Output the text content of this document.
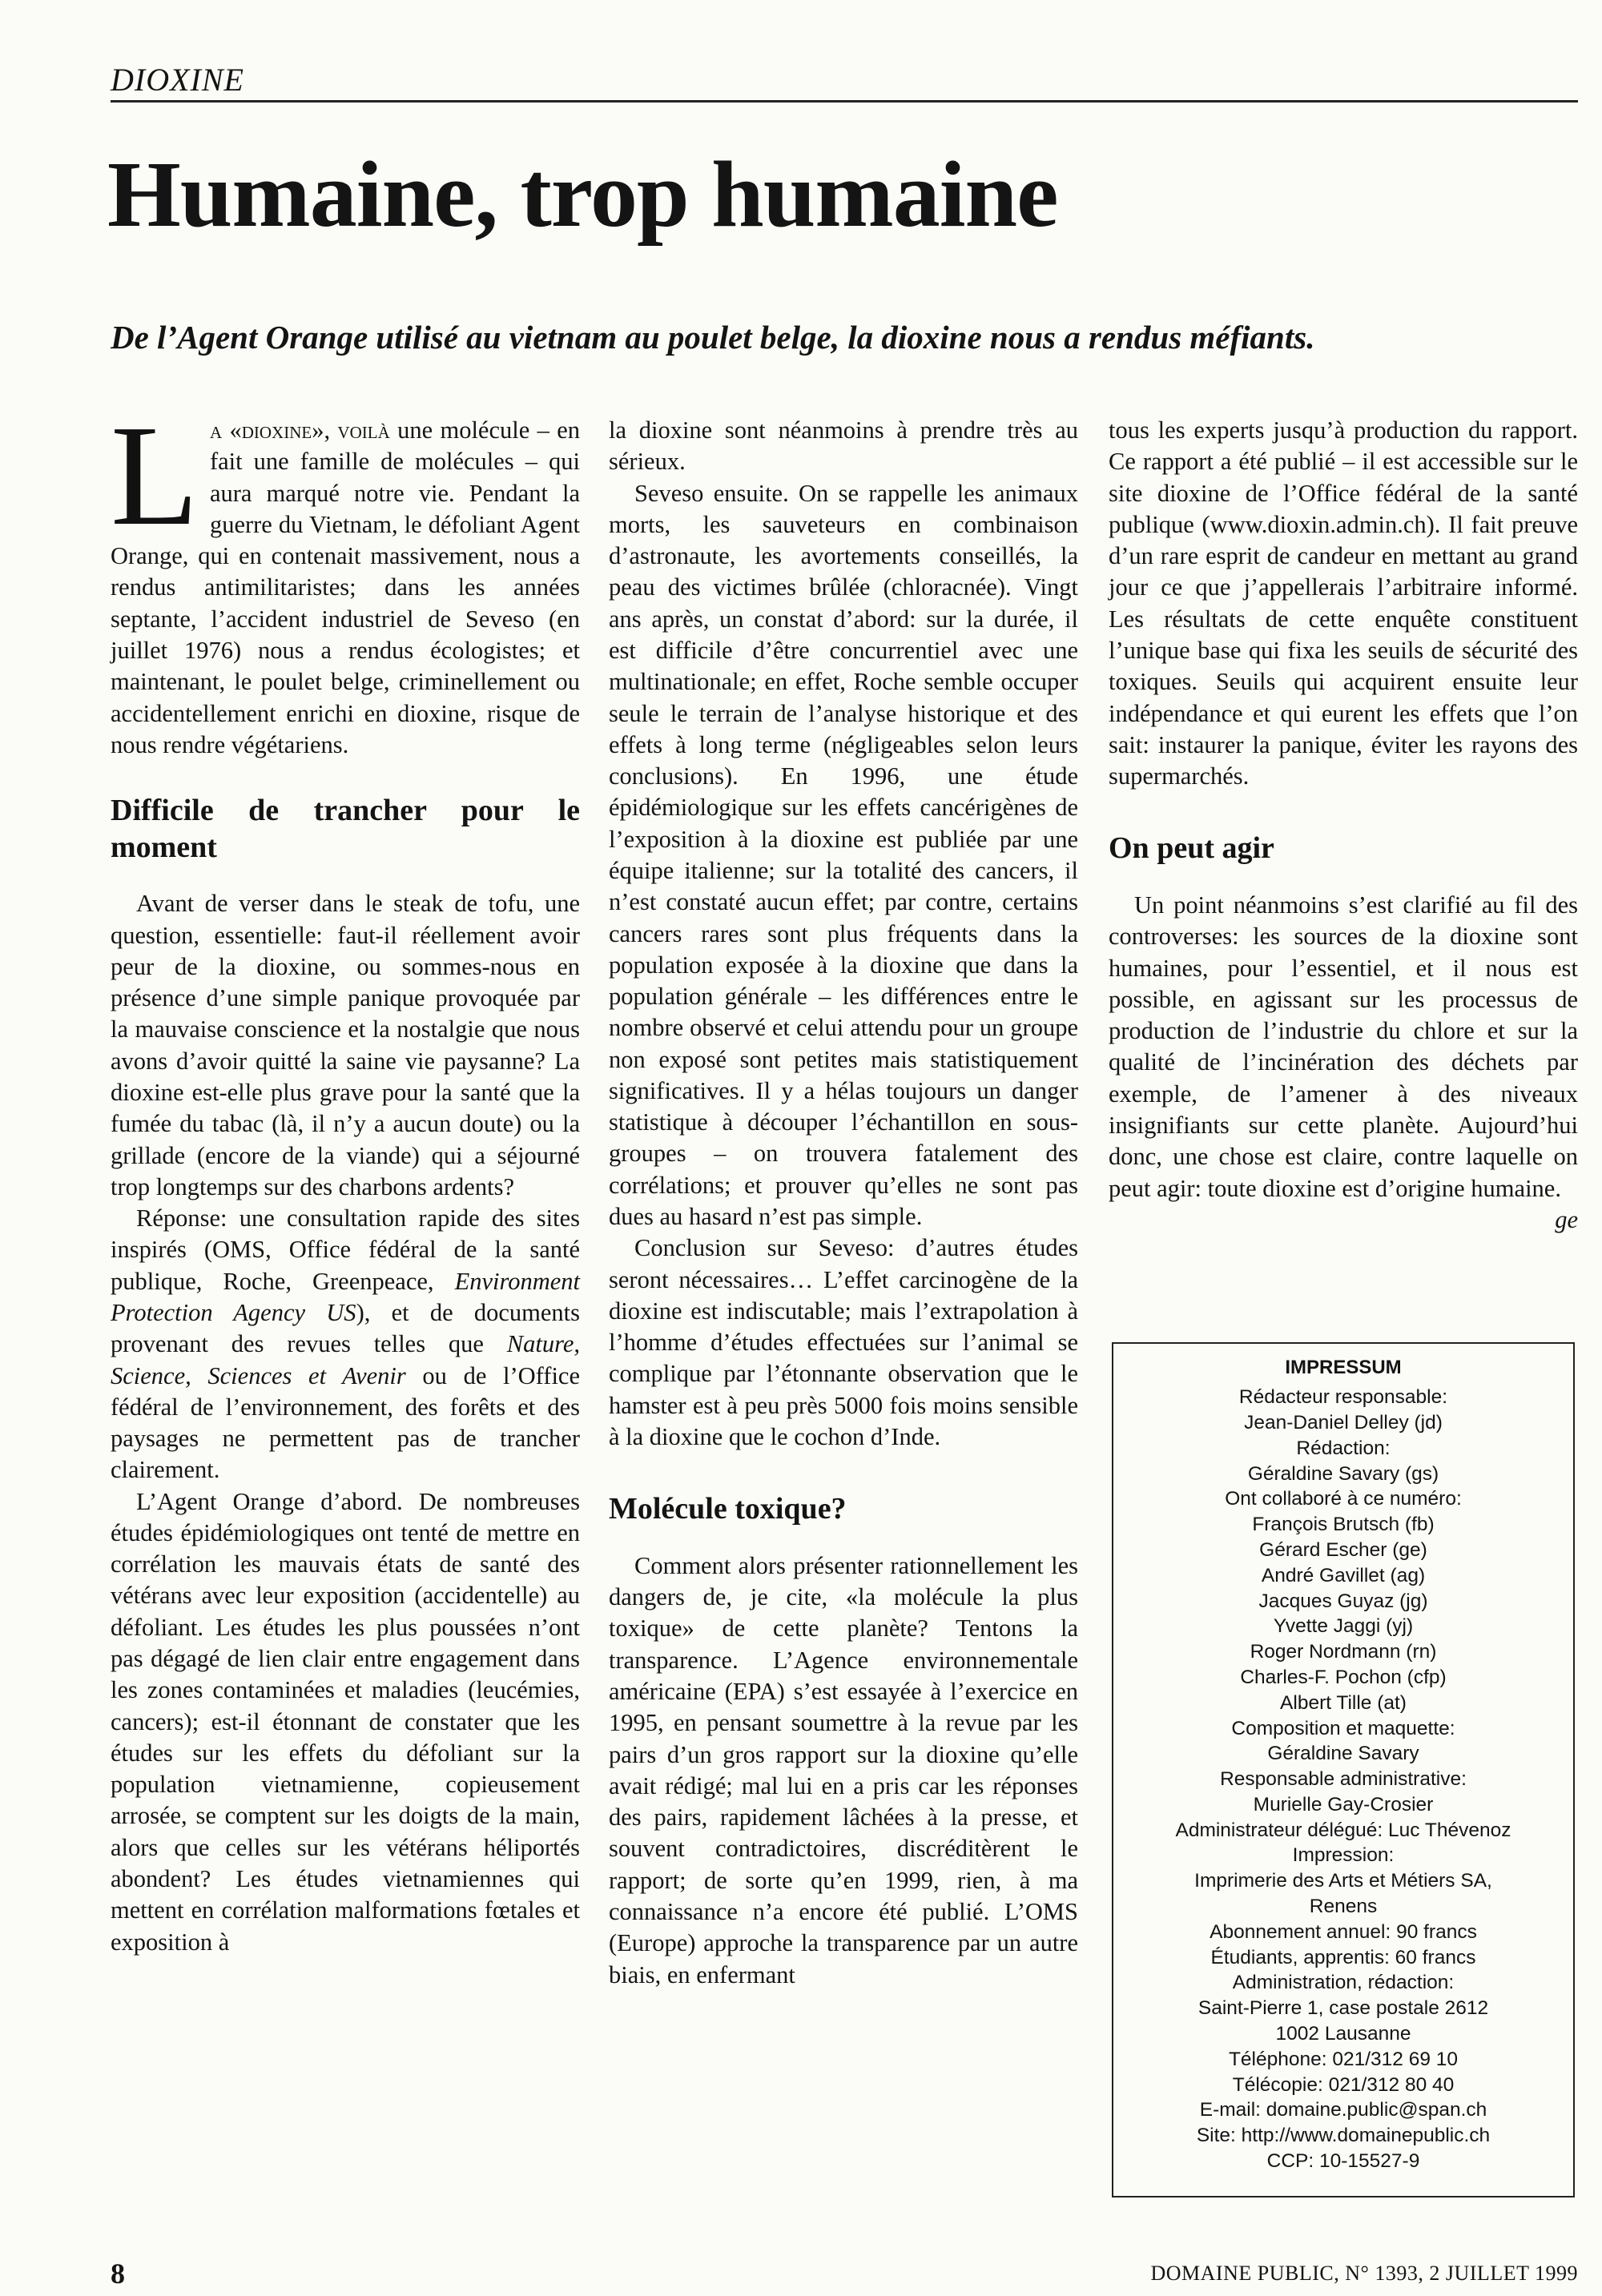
DIOXINE
Humaine, trop humaine
De l’Agent Orange utilisé au vietnam au poulet belge, la dioxine nous a rendus méfiants.

La «dioxine», voilà une molécule – en fait une famille de molécules – qui aura marqué notre vie. Pendant la guerre du Vietnam, le défoliant Agent Orange, qui en contenait massivement, nous a rendus antimilitaristes; dans les années septante, l’accident industriel de Seveso (en juillet 1976) nous a rendus écologistes; et maintenant, le poulet belge, criminellement ou accidentellement enrichi en dioxine, risque de nous rendre végétariens.

Difficile de trancher pour le moment

Avant de verser dans le steak de tofu, une question, essentielle: faut-il réellement avoir peur de la dioxine, ou sommes-nous en présence d’une simple panique provoquée par la mauvaise conscience et la nostalgie que nous avons d’avoir quitté la saine vie paysanne? La dioxine est-elle plus grave pour la santé que la fumée du tabac (là, il n’y a aucun doute) ou la grillade (encore de la viande) qui a séjourné trop longtemps sur des charbons ardents?

Réponse: une consultation rapide des sites inspirés (OMS, Office fédéral de la santé publique, Roche, Greenpeace, Environment Protection Agency US), et de documents provenant des revues telles que Nature, Science, Sciences et Avenir ou de l’Office fédéral de l’environnement, des forêts et des paysages ne permettent pas de trancher clairement.

L’Agent Orange d’abord. De nombreuses études épidémiologiques ont tenté de mettre en corrélation les mauvais états de santé des vétérans avec leur exposition (accidentelle) au défoliant. Les études les plus poussées n’ont pas dégagé de lien clair entre engagement dans les zones contaminées et maladies (leucémies, cancers); est-il étonnant de constater que les études sur les effets du défoliant sur la population vietnamienne, copieusement arrosée, se comptent sur les doigts de la main, alors que celles sur les vétérans héliportés abondent? Les études vietnamiennes qui mettent en corrélation malformations fœtales et exposition à

la dioxine sont néanmoins à prendre très au sérieux.

Seveso ensuite. On se rappelle les animaux morts, les sauveteurs en combinaison d’astronaute, les avortements conseillés, la peau des victimes brûlée (chloracnée). Vingt ans après, un constat d’abord: sur la durée, il est difficile d’être concurrentiel avec une multinationale; en effet, Roche semble occuper seule le terrain de l’analyse historique et des effets à long terme (négligeables selon leurs conclusions). En 1996, une étude épidémiologique sur les effets cancérigènes de l’exposition à la dioxine est publiée par une équipe italienne; sur la totalité des cancers, il n’est constaté aucun effet; par contre, certains cancers rares sont plus fréquents dans la population exposée à la dioxine que dans la population générale – les différences entre le nombre observé et celui attendu pour un groupe non exposé sont petites mais statistiquement significatives. Il y a hélas toujours un danger statistique à découper l’échantillon en sous-groupes – on trouvera fatalement des corrélations; et prouver qu’elles ne sont pas dues au hasard n’est pas simple.

Conclusion sur Seveso: d’autres études seront nécessaires… L’effet carcinogène de la dioxine est indiscutable; mais l’extrapolation à l’homme d’études effectuées sur l’animal se complique par l’étonnante observation que le hamster est à peu près 5000 fois moins sensible à la dioxine que le cochon d’Inde.

Molécule toxique?

Comment alors présenter rationnellement les dangers de, je cite, «la molécule la plus toxique» de cette planète? Tentons la transparence. L’Agence environnementale américaine (EPA) s’est essayée à l’exercice en 1995, en pensant soumettre à la revue par les pairs d’un gros rapport sur la dioxine qu’elle avait rédigé; mal lui en a pris car les réponses des pairs, rapidement lâchées à la presse, et souvent contradictoires, discréditèrent le rapport; de sorte qu’en 1999, rien, à ma connaissance n’a encore été publié. L’OMS (Europe) approche la transparence par un autre biais, en enfermant

tous les experts jusqu’à production du rapport. Ce rapport a été publié – il est accessible sur le site dioxine de l’Office fédéral de la santé publique (www.dioxin.admin.ch). Il fait preuve d’un rare esprit de candeur en mettant au grand jour ce que j’appellerais l’arbitraire informé. Les résultats de cette enquête constituent l’unique base qui fixa les seuils de sécurité des toxiques. Seuils qui acquirent ensuite leur indépendance et qui eurent les effets que l’on sait: instaurer la panique, éviter les rayons des supermarchés.

On peut agir

Un point néanmoins s’est clarifié au fil des controverses: les sources de la dioxine sont humaines, pour l’essentiel, et il nous est possible, en agissant sur les processus de production de l’industrie du chlore et sur la qualité de l’incinération des déchets par exemple, de l’amener à des niveaux insignifiants sur cette planète. Aujourd’hui donc, une chose est claire, contre laquelle on peut agir: toute dioxine est d’origine humaine.

ge
IMPRESSUM
Rédacteur responsable:
Jean-Daniel Delley (jd)
Rédaction:
Géraldine Savary (gs)
Ont collaboré à ce numéro:
François Brutsch (fb)
Gérard Escher (ge)
André Gavillet (ag)
Jacques Guyaz (jg)
Yvette Jaggi (yj)
Roger Nordmann (rn)
Charles-F. Pochon (cfp)
Albert Tille (at)
Composition et maquette:
Géraldine Savary
Responsable administrative:
Murielle Gay-Crosier
Administrateur délégué: Luc Thévenoz
Impression:
Imprimerie des Arts et Métiers SA,
Renens
Abonnement annuel: 90 francs
Étudiants, apprentis: 60 francs
Administration, rédaction:
Saint-Pierre 1, case postale 2612
1002 Lausanne
Téléphone: 021/312 69 10
Télécopie: 021/312 80 40
E-mail: domaine.public@span.ch
Site: http://www.domainepublic.ch
CCP: 10-15527-9
8	DOMAINE PUBLIC, N° 1393, 2 JUILLET 1999
